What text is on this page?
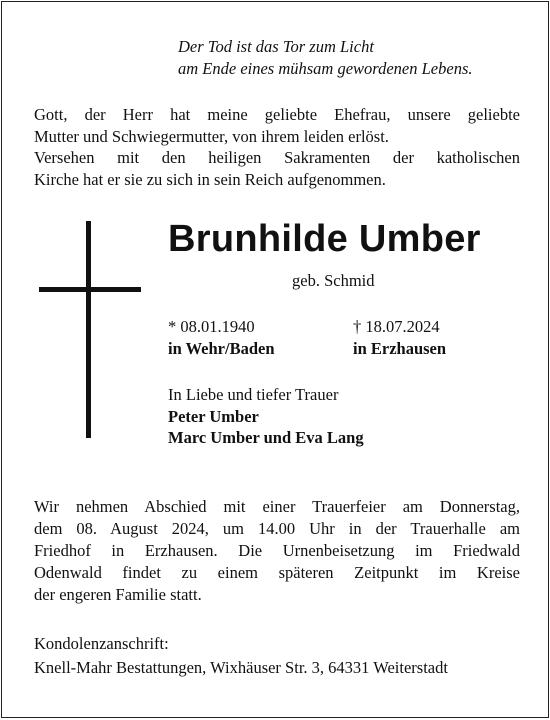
Der Tod ist das Tor zum Licht
am Ende eines mühsam gewordenen Lebens.
Gott, der Herr hat meine geliebte Ehefrau, unsere geliebte
Mutter und Schwiegermutter, von ihrem leiden erlöst.
Versehen mit den heiligen Sakramenten der katholischen
Kirche hat er sie zu sich in sein Reich aufgenommen.
Brunhilde Umber
geb. Schmid
* 08.01.1940
in Wehr/Baden
† 18.07.2024
in Erzhausen
In Liebe und tiefer Trauer
Peter Umber
Marc Umber und Eva Lang
Wir nehmen Abschied mit einer Trauerfeier am Donnerstag,
dem 08. August 2024, um 14.00 Uhr in der Trauerhalle am
Friedhof in Erzhausen. Die Urnenbeisetzung im Friedwald
Odenwald findet zu einem späteren Zeitpunkt im Kreise
der engeren Familie statt.
Kondolenzanschrift:
Knell-Mahr Bestattungen, Wixhäuser Str. 3, 64331 Weiterstadt
